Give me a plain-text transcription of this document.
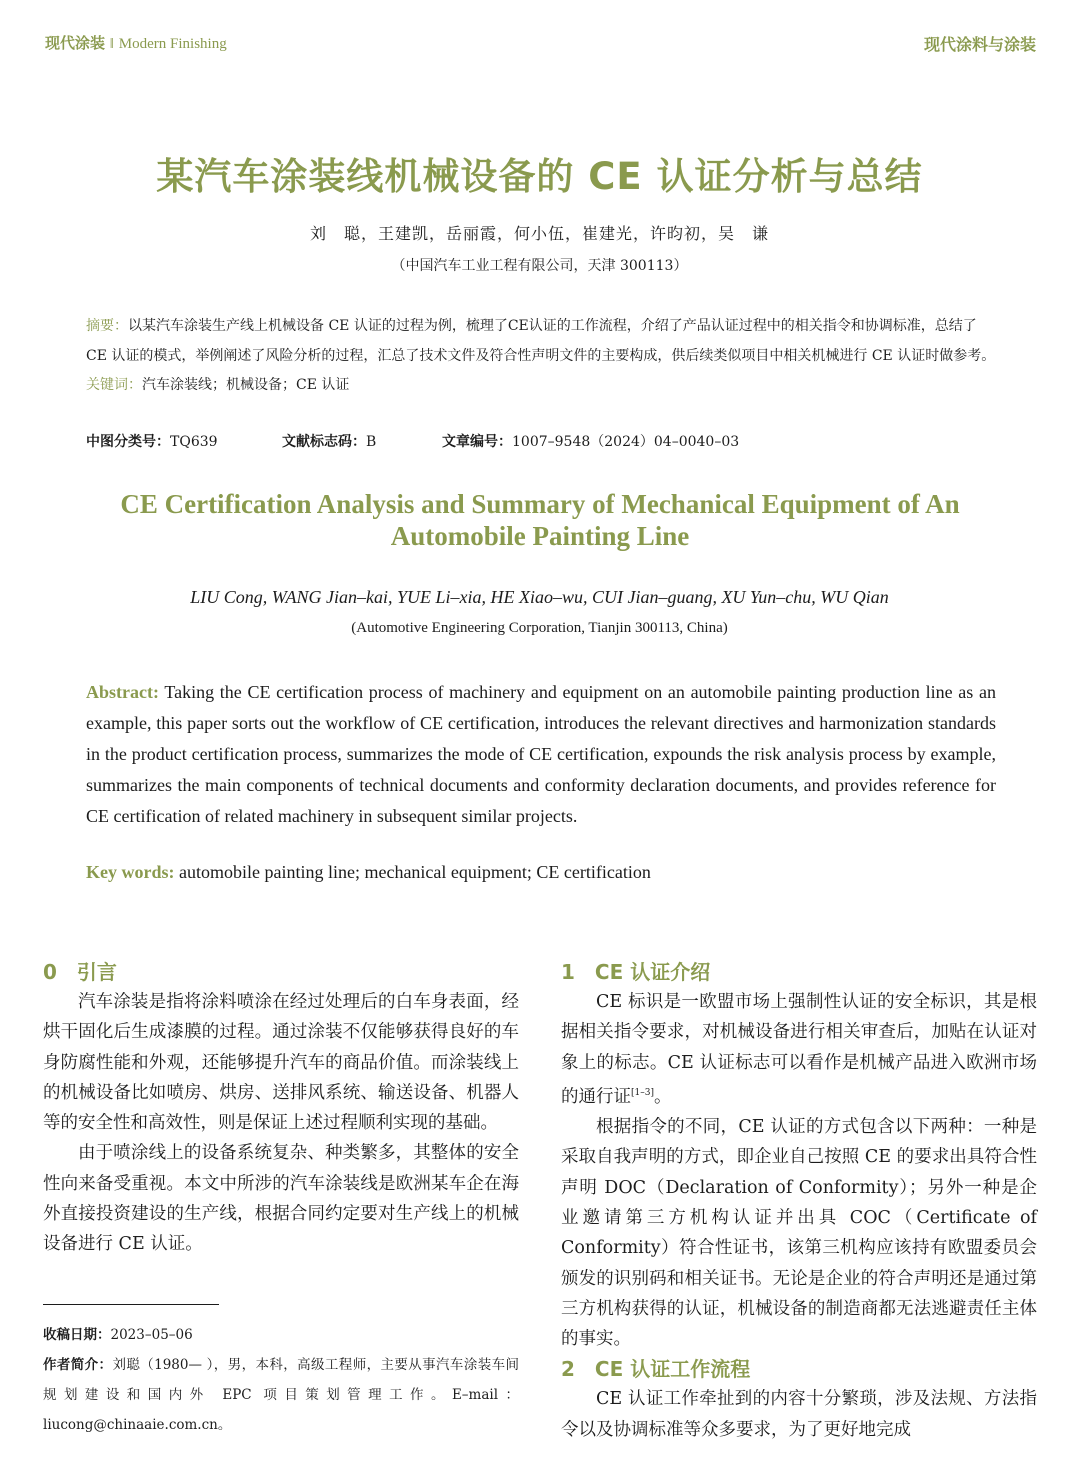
现代涂装 ‖ Modern Finishing	现代涂料与涂装
某汽车涂装线机械设备的 CE 认证分析与总结
刘　聪，王建凯，岳丽霞，何小伍，崔建光，许昀初，吴　谦
（中国汽车工业工程有限公司，天津 300113）
摘要：以某汽车涂装生产线上机械设备 CE 认证的过程为例，梳理了CE认证的工作流程，介绍了产品认证过程中的相关指令和协调标准，总结了 CE 认证的模式，举例阐述了风险分析的过程，汇总了技术文件及符合性声明文件的主要构成，供后续类似项目中相关机械进行 CE 认证时做参考。
关键词：汽车涂装线；机械设备；CE 认证
中图分类号：TQ639	文献标志码：B	文章编号：1007–9548（2024）04–0040–03
CE Certification Analysis and Summary of Mechanical Equipment of An Automobile Painting Line
LIU Cong, WANG Jian–kai, YUE Li–xia, HE Xiao–wu, CUI Jian–guang, XU Yun–chu, WU Qian
(Automotive Engineering Corporation, Tianjin 300113, China)
Abstract: Taking the CE certification process of machinery and equipment on an automobile painting production line as an example, this paper sorts out the workflow of CE certification, introduces the relevant directives and harmonization standards in the product certification process, summarizes the mode of CE certification, expounds the risk analysis process by example, summarizes the main components of technical documents and conformity declaration documents, and provides reference for CE certification of related machinery in subsequent similar projects.
Key words: automobile painting line; mechanical equipment; CE certification
0　引言

汽车涂装是指将涂料喷涂在经过处理后的白车身表面，经烘干固化后生成漆膜的过程。通过涂装不仅能够获得良好的车身防腐性能和外观，还能够提升汽车的商品价值。而涂装线上的机械设备比如喷房、烘房、送排风系统、输送设备、机器人等的安全性和高效性，则是保证上述过程顺利实现的基础。

由于喷涂线上的设备系统复杂、种类繁多，其整体的安全性向来备受重视。本文中所涉的汽车涂装线是欧洲某车企在海外直接投资建设的生产线，根据合同约定要对生产线上的机械设备进行 CE 认证。

收稿日期：2023–05–06

作者简介：刘聪（1980— ），男，本科，高级工程师，主要从事汽车涂装车间规划建设和国内外 EPC 项目策划管理工作。E–mail：liucong@chinaaie.com.cn。

1　CE 认证介绍

CE 标识是一欧盟市场上强制性认证的安全标识，其是根据相关指令要求，对机械设备进行相关审查后，加贴在认证对象上的标志。CE 认证标志可以看作是机械产品进入欧洲市场的通行证[1–3]。

根据指令的不同，CE 认证的方式包含以下两种：一种是采取自我声明的方式，即企业自己按照 CE 的要求出具符合性声明 DOC（Declaration of Conformity）；另外一种是企业邀请第三方机构认证并出具 COC（Certificate of Conformity）符合性证书，该第三机构应该持有欧盟委员会颁发的识别码和相关证书。无论是企业的符合声明还是通过第三方机构获得的认证，机械设备的制造商都无法逃避责任主体的事实。

2　CE 认证工作流程

CE 认证工作牵扯到的内容十分繁琐，涉及法规、方法指令以及协调标准等众多要求，为了更好地完成
